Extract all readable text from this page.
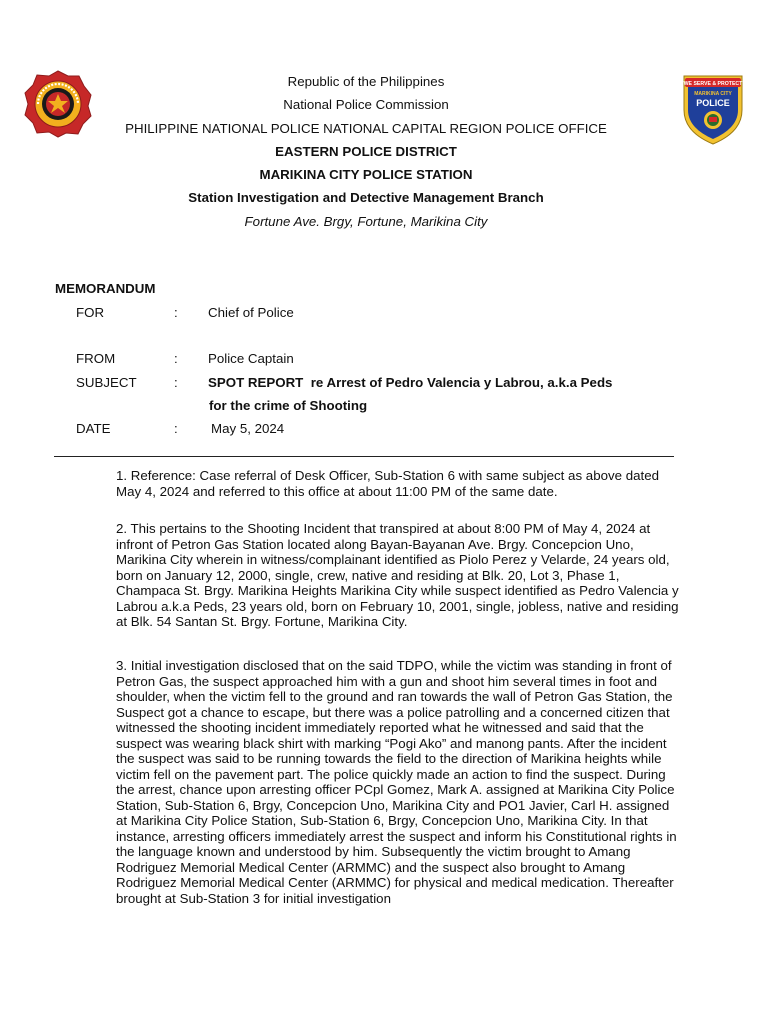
WE SERVE & PROTECT
MARIKINA CITY
POLICE
Republic of the Philippines
National Police Commission
PHILIPPINE NATIONAL POLICE NATIONAL CAPITAL REGION POLICE OFFICE
EASTERN POLICE DISTRICT
MARIKINA CITY POLICE STATION
Station Investigation and Detective Management Branch
Fortune Ave. Brgy, Fortune, Marikina City
MEMORANDUM
FOR	: Chief of Police
FROM	: Police Captain
SUBJECT	: SPOT REPORT  re Arrest of Pedro Valencia y Labrou, a.k.a Peds
for the crime of Shooting
DATE	:	May 5, 2024

1. Reference: Case referral of Desk Officer, Sub-Station 6 with same subject as above dated May 4, 2024 and referred to this office at about 11:00 PM of the same date.

2. This pertains to the Shooting Incident that transpired at about 8:00 PM of May 4, 2024 at infront of Petron Gas Station located along Bayan-Bayanan Ave. Brgy. Concepcion Uno, Marikina City wherein in witness/complainant identified as Piolo Perez y Velarde, 24 years old, born on January 12, 2000, single, crew, native and residing at Blk. 20, Lot 3, Phase 1, Champaca St. Brgy. Marikina Heights Marikina City while suspect identified as Pedro Valencia y Labrou a.k.a Peds, 23 years old, born on February 10, 2001, single, jobless, native and residing at Blk. 54 Santan St. Brgy. Fortune, Marikina City.

3. Initial investigation disclosed that on the said TDPO, while the victim was standing in front of Petron Gas, the suspect approached him with a gun and shoot him several times in foot and shoulder, when the victim fell to the ground and ran towards the wall of Petron Gas Station, the Suspect got a chance to escape, but there was a police patrolling and a concerned citizen that witnessed the shooting incident immediately reported what he witnessed and said that the suspect was wearing black shirt with marking “Pogi Ako” and manong pants. After the incident the suspect was said to be running towards the field to the direction of Marikina heights while victim fell on the pavement part. The police quickly made an action to find the suspect. During the arrest, chance upon arresting officer PCpl Gomez, Mark A. assigned at Marikina City Police Station, Sub-Station 6, Brgy, Concepcion Uno, Marikina City and PO1 Javier, Carl H. assigned at Marikina City Police Station, Sub-Station 6, Brgy, Concepcion Uno, Marikina City. In that instance, arresting officers immediately arrest the suspect and inform his Constitutional rights in the language known and understood by him. Subsequently the victim brought to Amang Rodriguez Memorial Medical Center (ARMMC) and the suspect also brought to Amang Rodriguez Memorial Medical Center (ARMMC) for physical and medical medication. Thereafter brought at Sub-Station 3 for initial investigation
